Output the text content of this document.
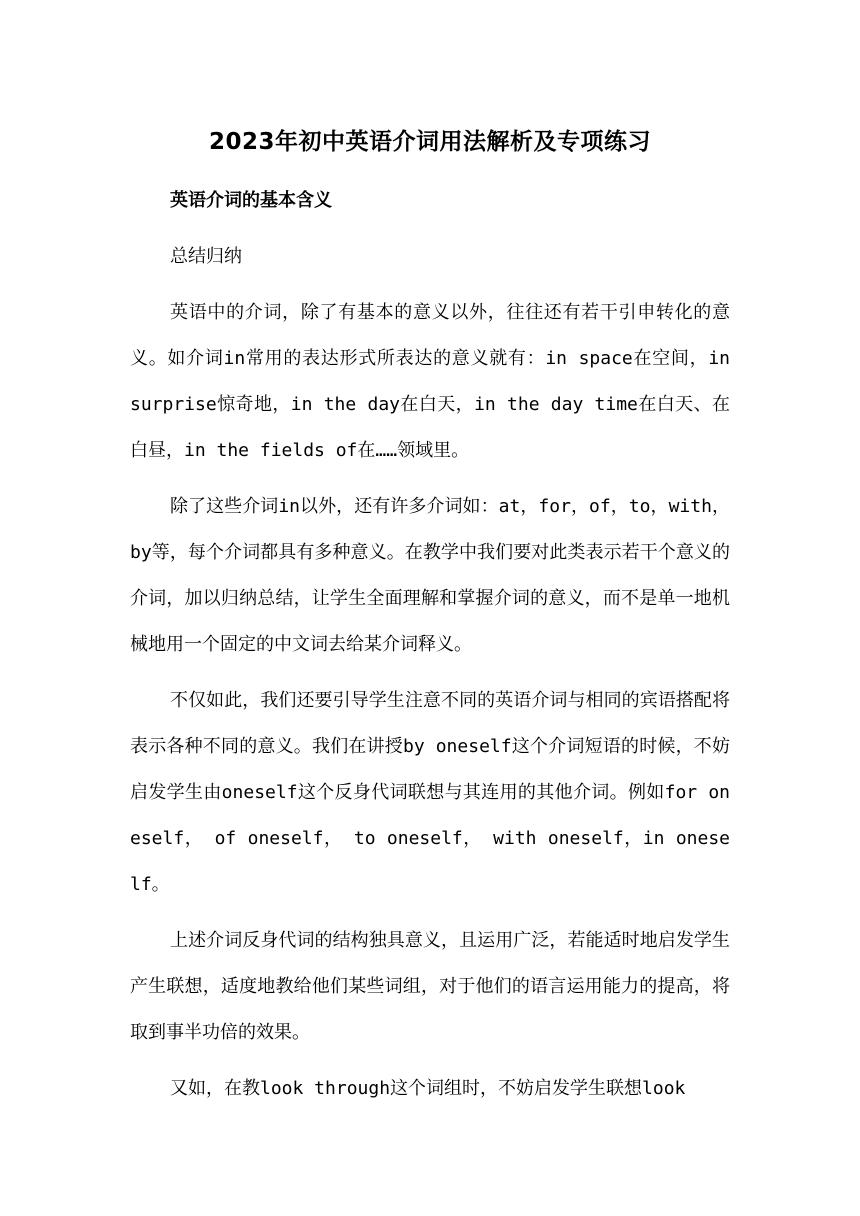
2023年初中英语介词用法解析及专项练习
英语介词的基本含义
总结归纳

英语中的介词，除了有基本的意义以外，往往还有若干引申转化的意义。如介词in常用的表达形式所表达的意义就有：in space在空间，in surprise惊奇地，in the day在白天，in the day time在白天、在白昼，in the fields of在……领域里。

除了这些介词in以外，还有许多介词如：at，for，of，to，with，by等，每个介词都具有多种意义。在教学中我们要对此类表示若干个意义的介词，加以归纳总结，让学生全面理解和掌握介词的意义，而不是单一地机械地用一个固定的中文词去给某介词释义。

不仅如此，我们还要引导学生注意不同的英语介词与相同的宾语搭配将表示各种不同的意义。我们在讲授by oneself这个介词短语的时候，不妨启发学生由oneself这个反身代词联想与其连用的其他介词。例如for oneself， of oneself， to oneself， with oneself，in oneself。

上述介词反身代词的结构独具意义，且运用广泛，若能适时地启发学生产生联想，适度地教给他们某些词组，对于他们的语言运用能力的提高，将取到事半功倍的效果。

又如，在教look through这个词组时，不妨启发学生联想look
